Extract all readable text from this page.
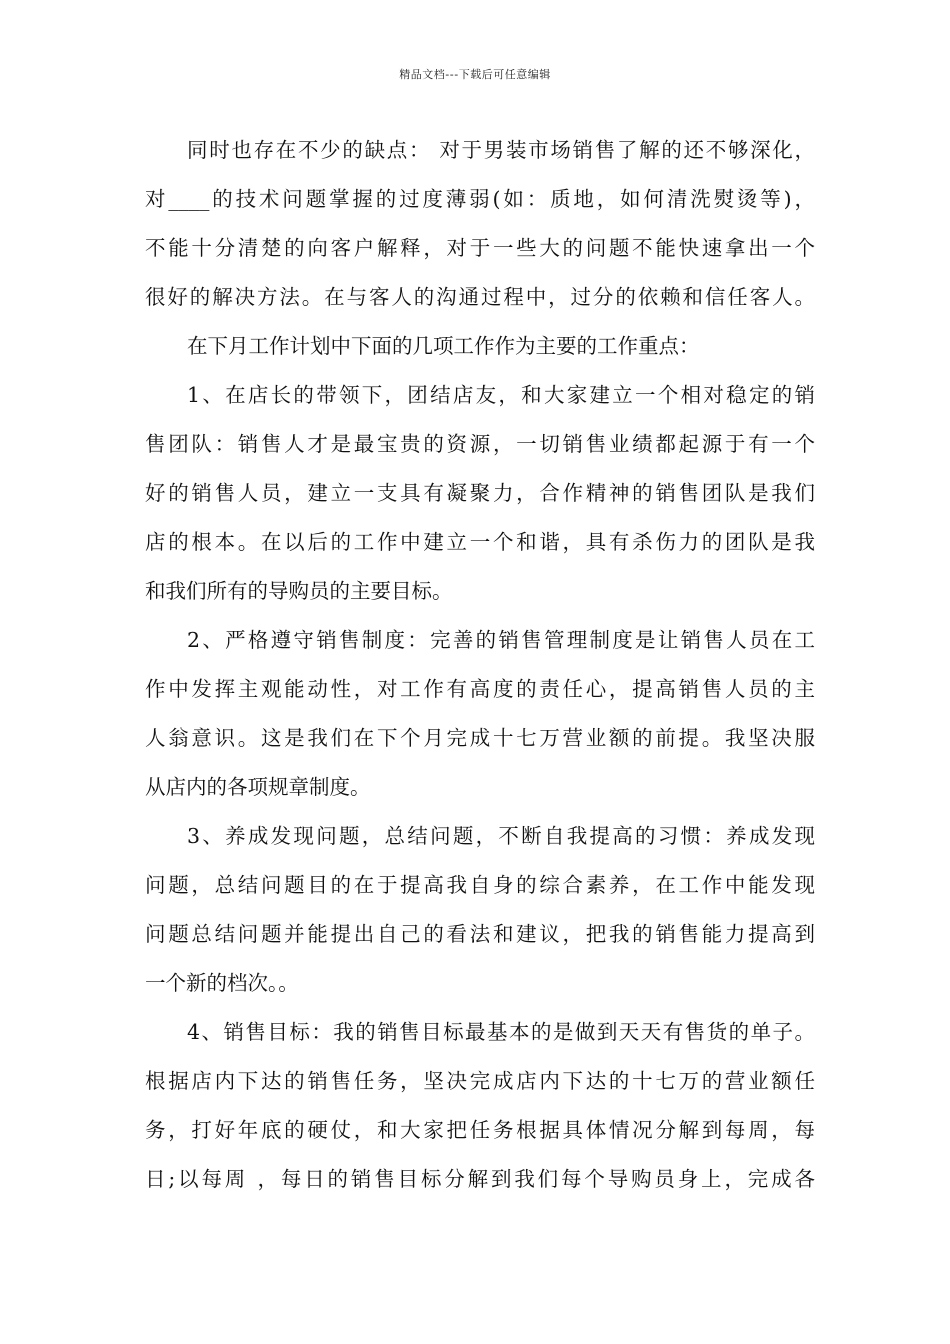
精品文档---下载后可任意编辑
同时也存在不少的缺点： 对于男装市场销售了解的还不够深化，
对____的技术问题掌握的过度薄弱(如：质地，如何清洗熨烫等)，
不能十分清楚的向客户解释，对于一些大的问题不能快速拿出一个
很好的解决方法。在与客人的沟通过程中，过分的依赖和信任客人。
在下月工作计划中下面的几项工作作为主要的工作重点：
1、在店长的带领下，团结店友，和大家建立一个相对稳定的销
售团队：销售人才是最宝贵的资源，一切销售业绩都起源于有一个
好的销售人员，建立一支具有凝聚力，合作精神的销售团队是我们
店的根本。在以后的工作中建立一个和谐，具有杀伤力的团队是我
和我们所有的导购员的主要目标。
2、严格遵守销售制度：完善的销售管理制度是让销售人员在工
作中发挥主观能动性，对工作有高度的责任心，提高销售人员的主
人翁意识。这是我们在下个月完成十七万营业额的前提。我坚决服
从店内的各项规章制度。
3、养成发现问题，总结问题，不断自我提高的习惯：养成发现
问题，总结问题目的在于提高我自身的综合素养，在工作中能发现
问题总结问题并能提出自己的看法和建议，把我的销售能力提高到
一个新的档次。。
4、销售目标：我的销售目标最基本的是做到天天有售货的单子。
根据店内下达的销售任务，坚决完成店内下达的十七万的营业额任
务，打好年底的硬仗，和大家把任务根据具体情况分解到每周，每
日;以每周 ，每日的销售目标分解到我们每个导购员身上，完成各
